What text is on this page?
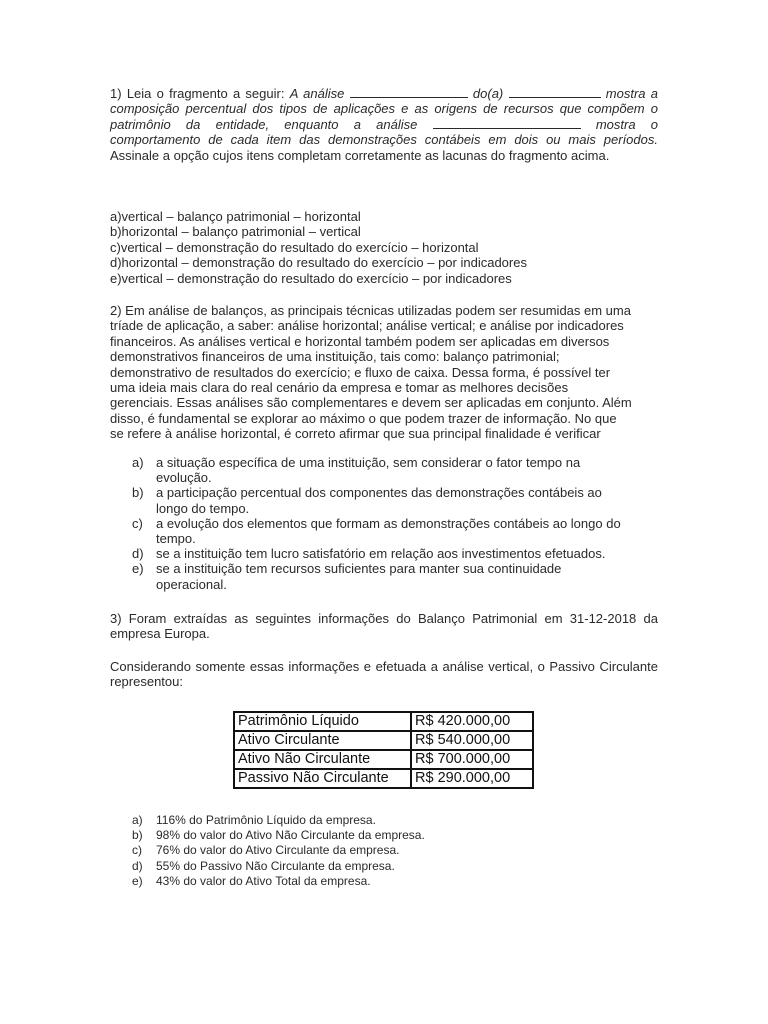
1) Leia o fragmento a seguir: A análise	do(a)	mostra a composição percentual dos tipos de aplicações e as origens de recursos que compõem o patrimônio da entidade, enquanto a análise	mostra o comportamento de cada item das demonstrações contábeis em dois ou mais períodos. Assinale a opção cujos itens completam corretamente as lacunas do fragmento acima.
a)vertical – balanço patrimonial – horizontal
b)horizontal – balanço patrimonial – vertical
c)vertical – demonstração do resultado do exercício – horizontal
d)horizontal – demonstração do resultado do exercício – por indicadores
e)vertical – demonstração do resultado do exercício – por indicadores
2) Em análise de balanços, as principais técnicas utilizadas podem ser resumidas em uma
tríade de aplicação, a saber: análise horizontal; análise vertical; e análise por indicadores
financeiros. As análises vertical e horizontal também podem ser aplicadas em diversos
demonstrativos financeiros de uma instituição, tais como: balanço patrimonial;
demonstrativo de resultados do exercício; e fluxo de caixa. Dessa forma, é possível ter
uma ideia mais clara do real cenário da empresa e tomar as melhores decisões
gerenciais. Essas análises são complementares e devem ser aplicadas em conjunto. Além
disso, é fundamental se explorar ao máximo o que podem trazer de informação. No que
se refere à análise horizontal, é correto afirmar que sua principal finalidade é verificar
a) a situação específica de uma instituição, sem considerar o fator tempo na
evolução.
b) a participação percentual dos componentes das demonstrações contábeis ao
longo do tempo.
c) a evolução dos elementos que formam as demonstrações contábeis ao longo do
tempo.
d) se a instituição tem lucro satisfatório em relação aos investimentos efetuados.
e) se a instituição tem recursos suficientes para manter sua continuidade
operacional.
3) Foram extraídas as seguintes informações do Balanço Patrimonial em 31-12-2018 da empresa Europa.
Considerando somente essas informações e efetuada a análise vertical, o Passivo Circulante representou:
Patrimônio Líquido	R$ 420.000,00
Ativo Circulante	R$ 540.000,00
Ativo Não Circulante	R$ 700.000,00
Passivo Não Circulante	R$ 290.000,00
a) 116% do Patrimônio Líquido da empresa.
b) 98% do valor do Ativo Não Circulante da empresa.
c) 76% do valor do Ativo Circulante da empresa.
d) 55% do Passivo Não Circulante da empresa.
e) 43% do valor do Ativo Total da empresa.
